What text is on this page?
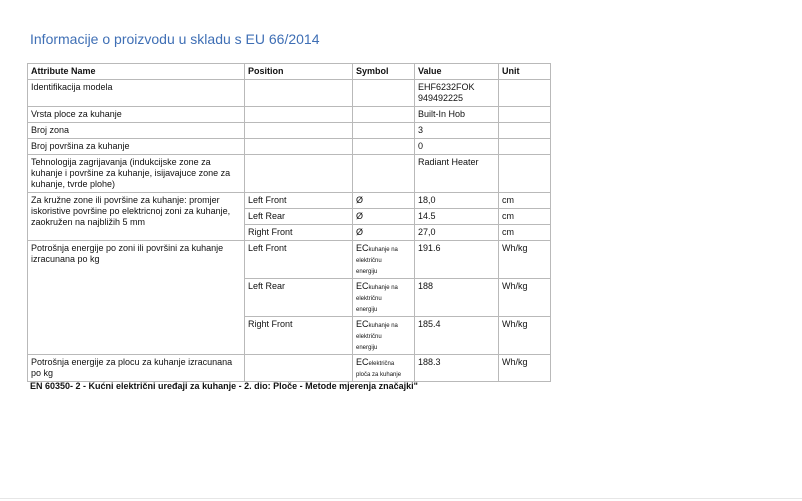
Informacije o proizvodu u skladu s EU 66/2014
Attribute Name	Position	Symbol	Value	Unit
Identifikacija modela			EHF6232FOK
949492225	

Vrsta ploce za kuhanje			Built-In Hob	
Broj zona			3	
Broj površina za kuhanje			0	
Tehnologija zagrijavanja (indukcijske zone za kuhanje i površine za kuhanje, isijavajuce zone za kuhanje, tvrde plohe)			Radiant Heater	
Za kružne zone ili površine za kuhanje: promjer iskoristive površine po elektricnoj zoni za kuhanje, zaokružen na najbližih 5 mm	Left Front	Ø	18,0	cm
	Left Rear	Ø	14.5	cm
	Right Front	Ø	27,0	cm
Potrošnja energije po zoni ili površini za kuhanje izracunana po kg	Left Front	ECkuhanje na
električnu
energiju	191.6	Wh/kg
	Left Rear	ECkuhanje na
električnu
energiju	188	Wh/kg
	Right Front	ECkuhanje na
električnu
energiju	185.4	Wh/kg
Potrošnja energije za plocu za kuhanje izracunana po kg		ECelektrična
ploča za kuhanje	188.3	Wh/kg

EN 60350- 2 - Kućni električni uređaji za kuhanje - 2. dio: Ploče - Metode mjerenja značajki"
